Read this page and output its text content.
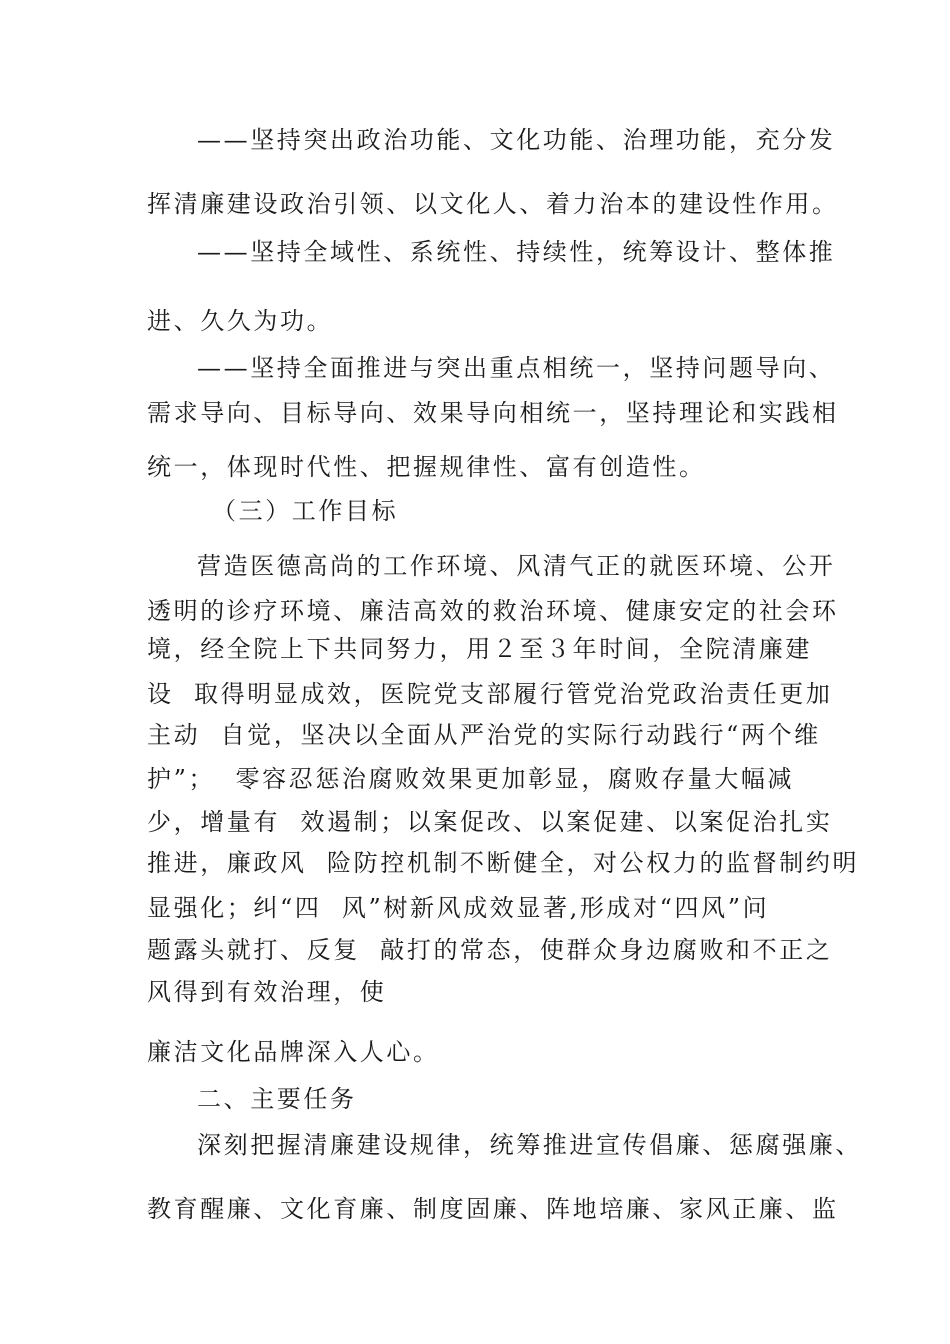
——坚持突出政治功能、文化功能、治理功能，充分发
挥清廉建设政治引领、以文化人、着力治本的建设性作用。
——坚持全域性、系统性、持续性，统筹设计、整体推
进、久久为功。
——坚持全面推进与突出重点相统一，坚持问题导向、
需求导向、目标导向、效果导向相统一，坚持理论和实践相
统一，体现时代性、把握规律性、富有创造性。
（三）工作目标
营造医德高尚的工作环境、风清气正的就医环境、公开
透明的诊疗环境、廉洁高效的救治环境、健康安定的社会环
境，经全院上下共同努力，用２至３年时间，全院清廉建
设  取得明显成效，医院党支部履行管党治党政治责任更加
主动  自觉，坚决以全面从严治党的实际行动践行“两个维
护”；  零容忍惩治腐败效果更加彰显，腐败存量大幅减
少，增量有  效遏制；以案促改、以案促建、以案促治扎实
推进，廉政风  险防控机制不断健全，对公权力的监督制约明
显强化；纠“四  风”树新风成效显著,形成对“四风”问
题露头就打、反复  敲打的常态，使群众身边腐败和不正之
风得到有效治理，使
廉洁文化品牌深入人心。
二、主要任务
深刻把握清廉建设规律，统筹推进宣传倡廉、惩腐强廉、
教育醒廉、文化育廉、制度固廉、阵地培廉、家风正廉、监
